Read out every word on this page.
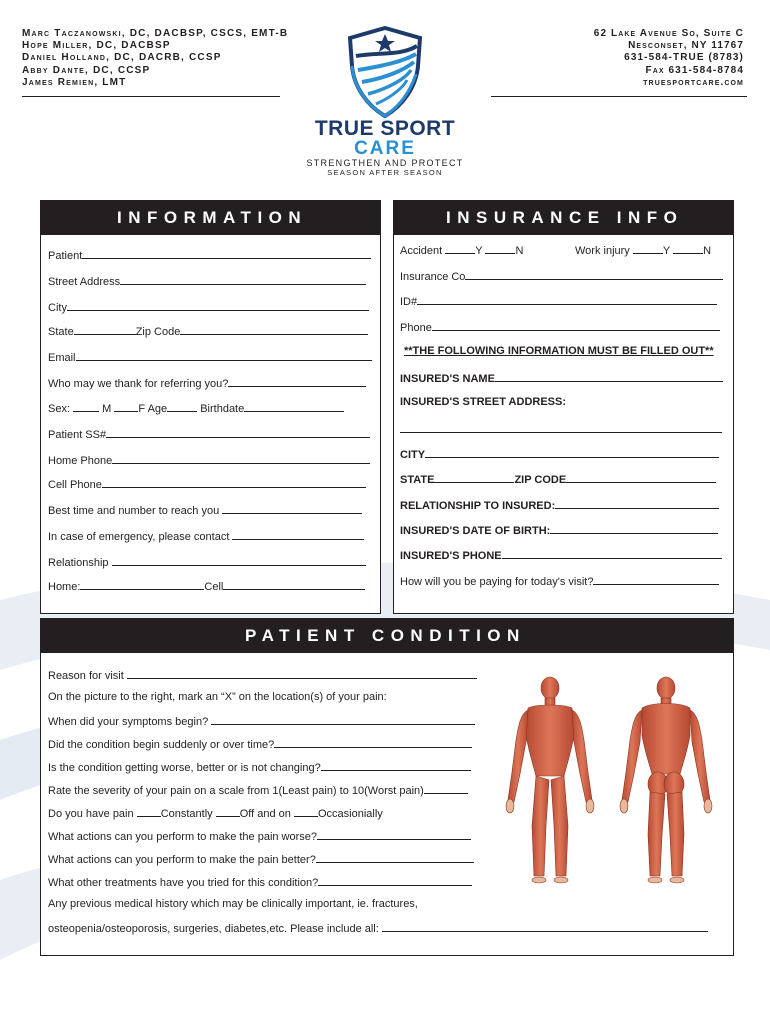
Marc Taczanowski, DC, DACBSP, CSCS, EMT-B
Hope Miller, DC, DACBSP
Daniel Holland, DC, DACRB, CCSP
Abby Dante, DC, CCSP
James Remien, LMT
62 Lake Avenue So, Suite C
Nesconset, NY 11767
631-584-TRUE (8783)
Fax 631-584-8784
truesportcare.com
TRUE SPORT
CARE
STRENGTHEN AND PROTECT
SEASON AFTER SEASON
INFORMATION
Patient
Street Address
City
State	Zip Code
Email
Who may we thank for referring you?
Sex:	M F Age	Birthdate
Patient SS#
Home Phone
Cell Phone
Best time and number to reach you
In case of emergency, please contact
Relationship
Home:	Cell
INSURANCE INFO
Accident	Y	N	Work injury	Y	N
Insurance Co
ID#
Phone
**THE FOLLOWING INFORMATION MUST BE FILLED OUT**
INSURED'S NAME
INSURED'S STREET ADDRESS:
CITY
STATE	ZIP CODE
RELATIONSHIP TO INSURED:
INSURED'S DATE OF BIRTH:
INSURED'S PHONE
How will you be paying for today's visit?
PATIENT CONDITION
Reason for visit
On the picture to the right, mark an “X” on the location(s) of your pain:
When did your symptoms begin?
Did the condition begin suddenly or over time?
Is the condition getting worse, better or is not changing?
Rate the severity of your pain on a scale from 1(Least pain) to 10(Worst pain)
Do you have pain Constantly Off and on Occasionially
What actions can you perform to make the pain worse?
What actions can you perform to make the pain better?
What other treatments have you tried for this condition?
Any previous medical history which may be clinically important, ie. fractures,
osteopenia/osteoporosis, surgeries, diabetes,etc. Please include all:
